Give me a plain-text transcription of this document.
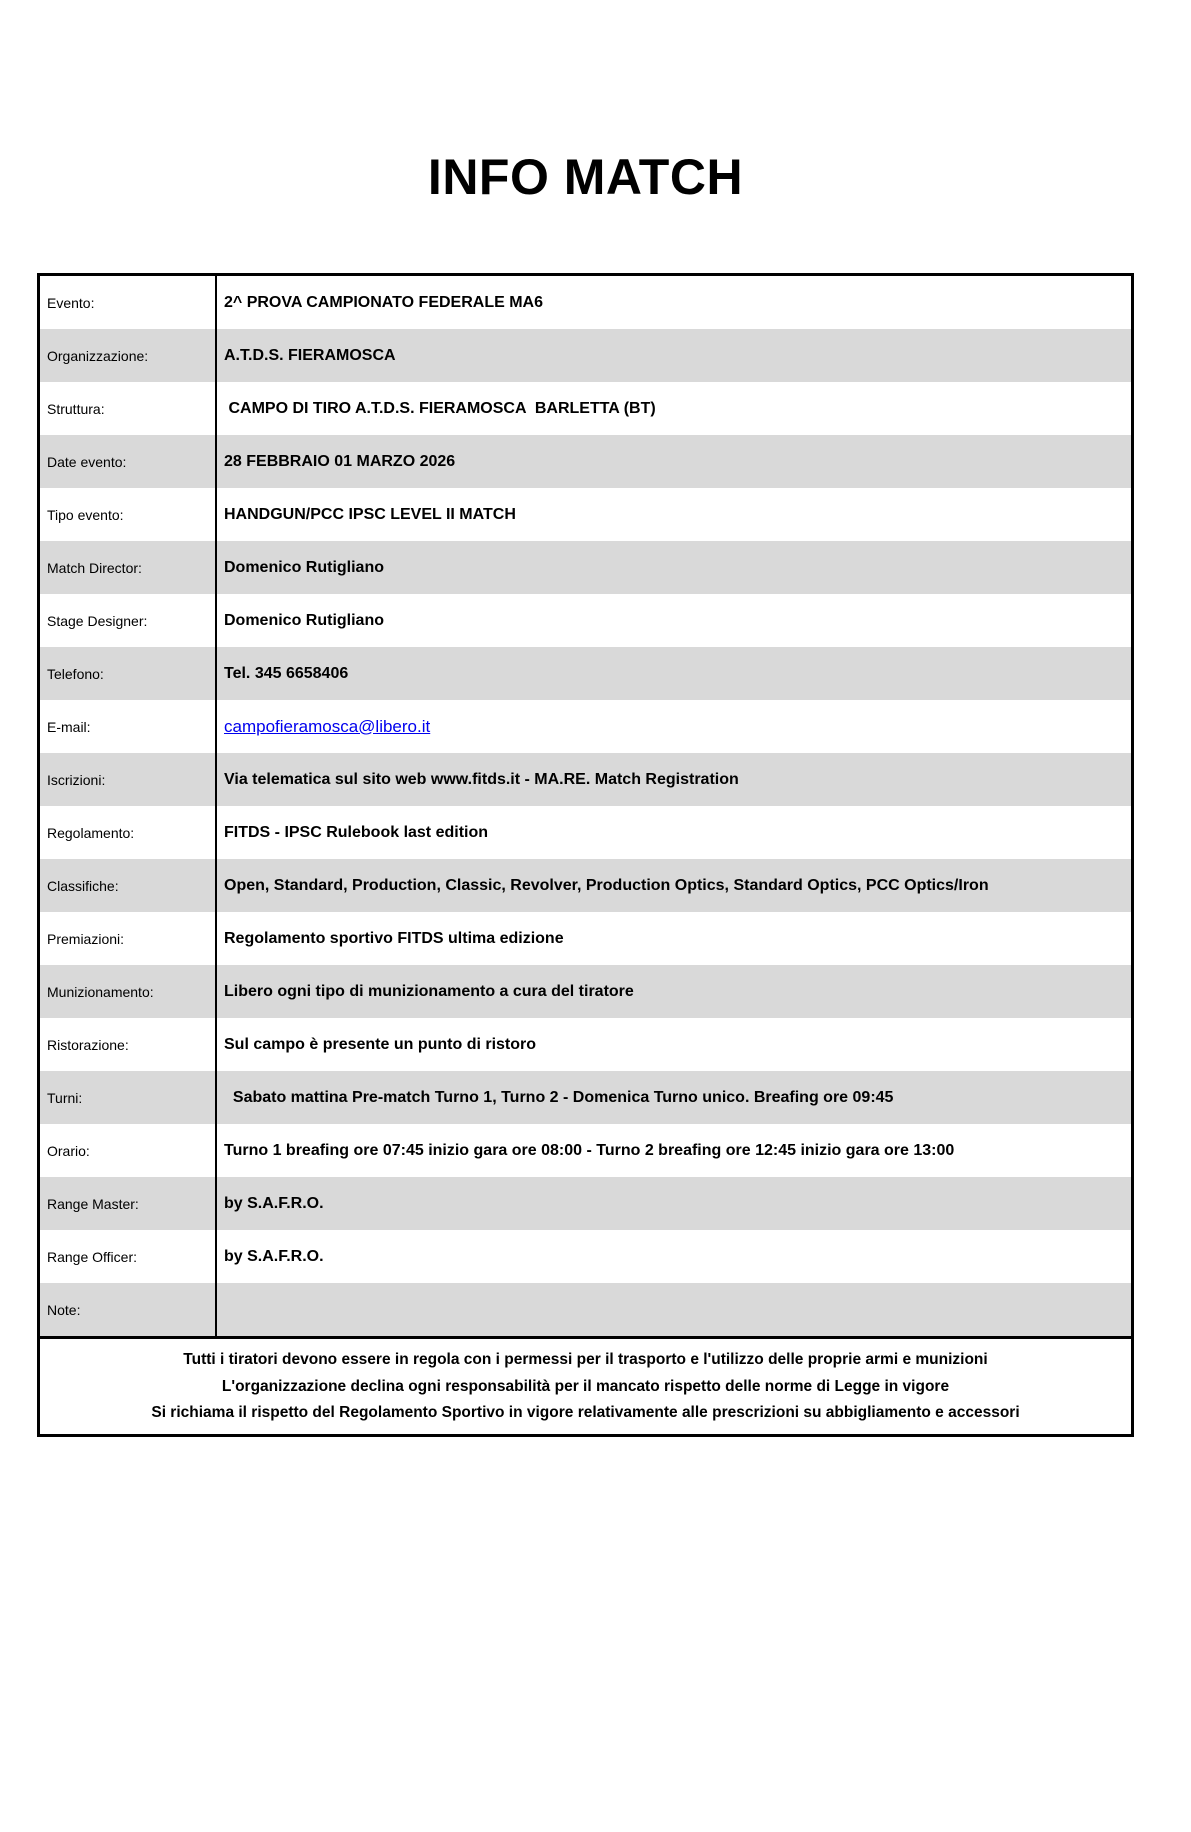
INFO MATCH
Evento:	2^ PROVA CAMPIONATO FEDERALE MA6
Organizzazione:	A.T.D.S. FIERAMOSCA
Struttura:	CAMPO DI TIRO A.T.D.S. FIERAMOSCA  BARLETTA (BT)
Date evento:	28 FEBBRAIO 01 MARZO 2026
Tipo evento:	HANDGUN/PCC IPSC LEVEL II MATCH
Match Director:	Domenico Rutigliano
Stage Designer:	Domenico Rutigliano
Telefono:	Tel. 345 6658406
E-mail:	campofieramosca@libero.it
Iscrizioni:	Via telematica sul sito web www.fitds.it - MA.RE. Match Registration
Regolamento:	FITDS - IPSC Rulebook last edition
Classifiche:	Open, Standard, Production, Classic, Revolver, Production Optics, Standard Optics, PCC Optics/Iron
Premiazioni:	Regolamento sportivo FITDS ultima edizione
Munizionamento:	Libero ogni tipo di munizionamento a cura del tiratore
Ristorazione:	Sul campo è presente un punto di ristoro
Turni:	Sabato mattina Pre-match Turno 1, Turno 2 - Domenica Turno unico. Breafing ore 09:45
Orario:	Turno 1 breafing ore 07:45 inizio gara ore 08:00 - Turno 2 breafing ore 12:45 inizio gara ore 13:00
Range Master:	by S.A.F.R.O.
Range Officer:	by S.A.F.R.O.
Note:
Tutti i tiratori devono essere in regola con i permessi per il trasporto e l'utilizzo delle proprie armi e munizioni
L'organizzazione declina ogni responsabilità per il mancato rispetto delle norme di Legge in vigore
Si richiama il rispetto del Regolamento Sportivo in vigore relativamente alle prescrizioni su abbigliamento e accessori
